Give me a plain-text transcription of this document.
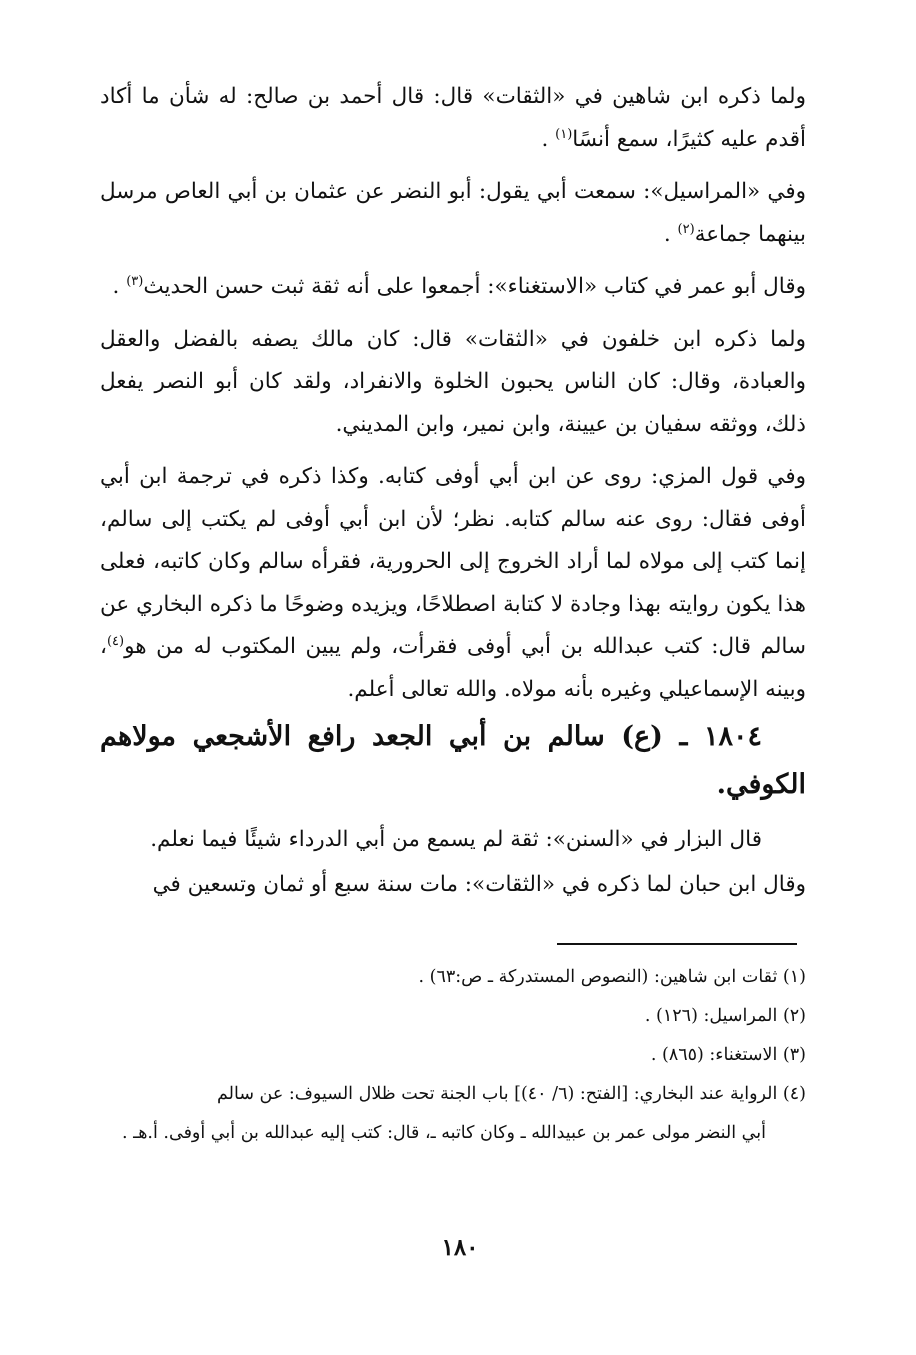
ولما ذكره ابن شاهين في «الثقات» قال: قال أحمد بن صالح: له شأن ما أكاد أقدم عليه كثيرًا، سمع أنسًا$^{(١)}$ .

وفي «المراسيل»: سمعت أبي يقول: أبو النضر عن عثمان بن أبي العاص مرسل بينهما جماعة$^{(٢)}$ .

وقال أبو عمر في كتاب «الاستغناء»: أجمعوا على أنه ثقة ثبت حسن الحديث$^{(٣)}$ .

ولما ذكره ابن خلفون في «الثقات» قال: كان مالك يصفه بالفضل والعقل والعبادة، وقال: كان الناس يحبون الخلوة والانفراد، ولقد كان أبو النصر يفعل ذلك، ووثقه سفيان بن عيينة، وابن نمير، وابن المديني.

وفي قول المزي: روى عن ابن أبي أوفى كتابه. وكذا ذكره في ترجمة ابن أبي أوفى فقال: روى عنه سالم كتابه. نظر؛ لأن ابن أبي أوفى لم يكتب إلى سالم، إنما كتب إلى مولاه لما أراد الخروج إلى الحرورية، فقرأه سالم وكان كاتبه، فعلى هذا يكون روايته بهذا وجادة لا كتابة اصطلاحًا، ويزيده وضوحًا ما ذكره البخاري عن سالم قال: كتب عبدالله بن أبي أوفى فقرأت، ولم يبين المكتوب له من هو$^{(٤)}$، وبينه الإسماعيلي وغيره بأنه مولاه. والله تعالى أعلم.

١٨٠٤ ـ (ع) سالم بن أبي الجعد رافع الأشجعي مولاهم الكوفي.

قال البزار في «السنن»: ثقة لم يسمع من أبي الدرداء شيئًا فيما نعلم.

وقال ابن حبان لما ذكره في «الثقات»: مات سنة سبع أو ثمان وتسعين في

(١) ثقات ابن شاهين: (النصوص المستدركة ـ ص:٦٣) .

(٢) المراسيل: (١٢٦) .

(٣) الاستغناء: (٨٦٥) .

(٤) الرواية عند البخاري: [الفتح: (٦/ ٤٠)] باب الجنة تحت ظلال السيوف: عن سالم

أبي النضر مولى عمر بن عبيدالله ـ وكان كاتبه ـ، قال: كتب إليه عبدالله بن أبي أوفى. أ.هـ .

١٨٠
